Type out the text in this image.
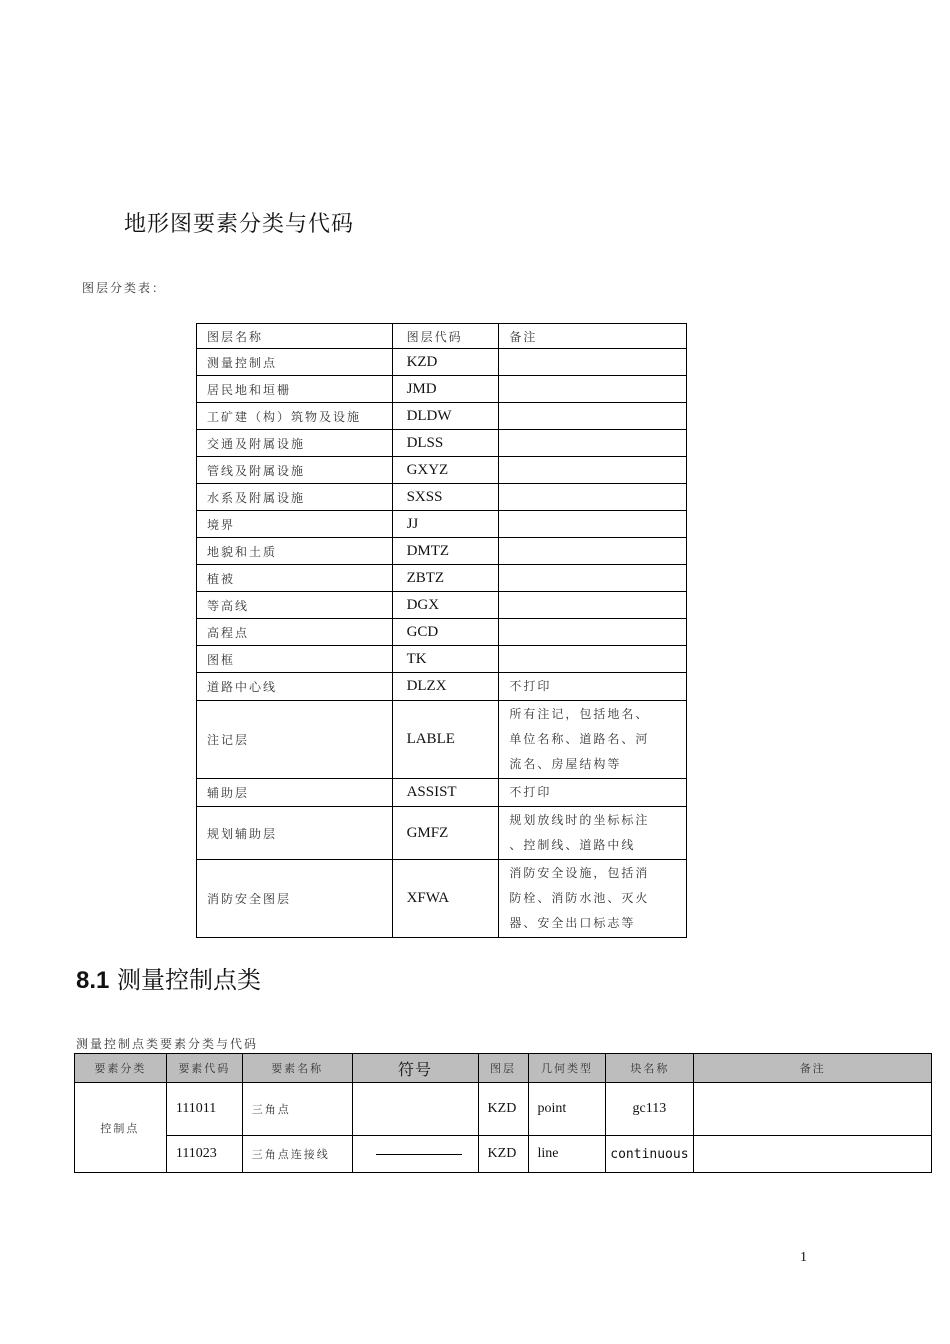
地形图要素分类与代码
图层分类表：
图层名称	图层代码	备注
测量控制点	KZD	
居民地和垣栅	JMD	
工矿建（构）筑物及设施	DLDW	
交通及附属设施	DLSS	
管线及附属设施	GXYZ	
水系及附属设施	SXSS	
境界	JJ	
地貌和土质	DMTZ	
植被	ZBTZ	
等高线	DGX	
高程点	GCD	
图框	TK	
道路中心线	DLZX	不打印
注记层	LABLE	所有注记，包括地名、
单位名称、道路名、河
流名、房屋结构等

辅助层	ASSIST	不打印
规划辅助层	GMFZ	规划放线时的坐标标注
、控制线、道路中线

消防安全图层	XFWA	消防安全设施，包括消
防栓、消防水池、灭火
器、安全出口标志等
8.1 测量控制点类
测量控制点类要素分类与代码
要素分类	要素代码	要素名称	符号	图层	几何类型	块名称	备注
控制点	111011	三角点		KZD	point	gc113	
	111023	三角点连接线		KZD	line	continuous	
1
